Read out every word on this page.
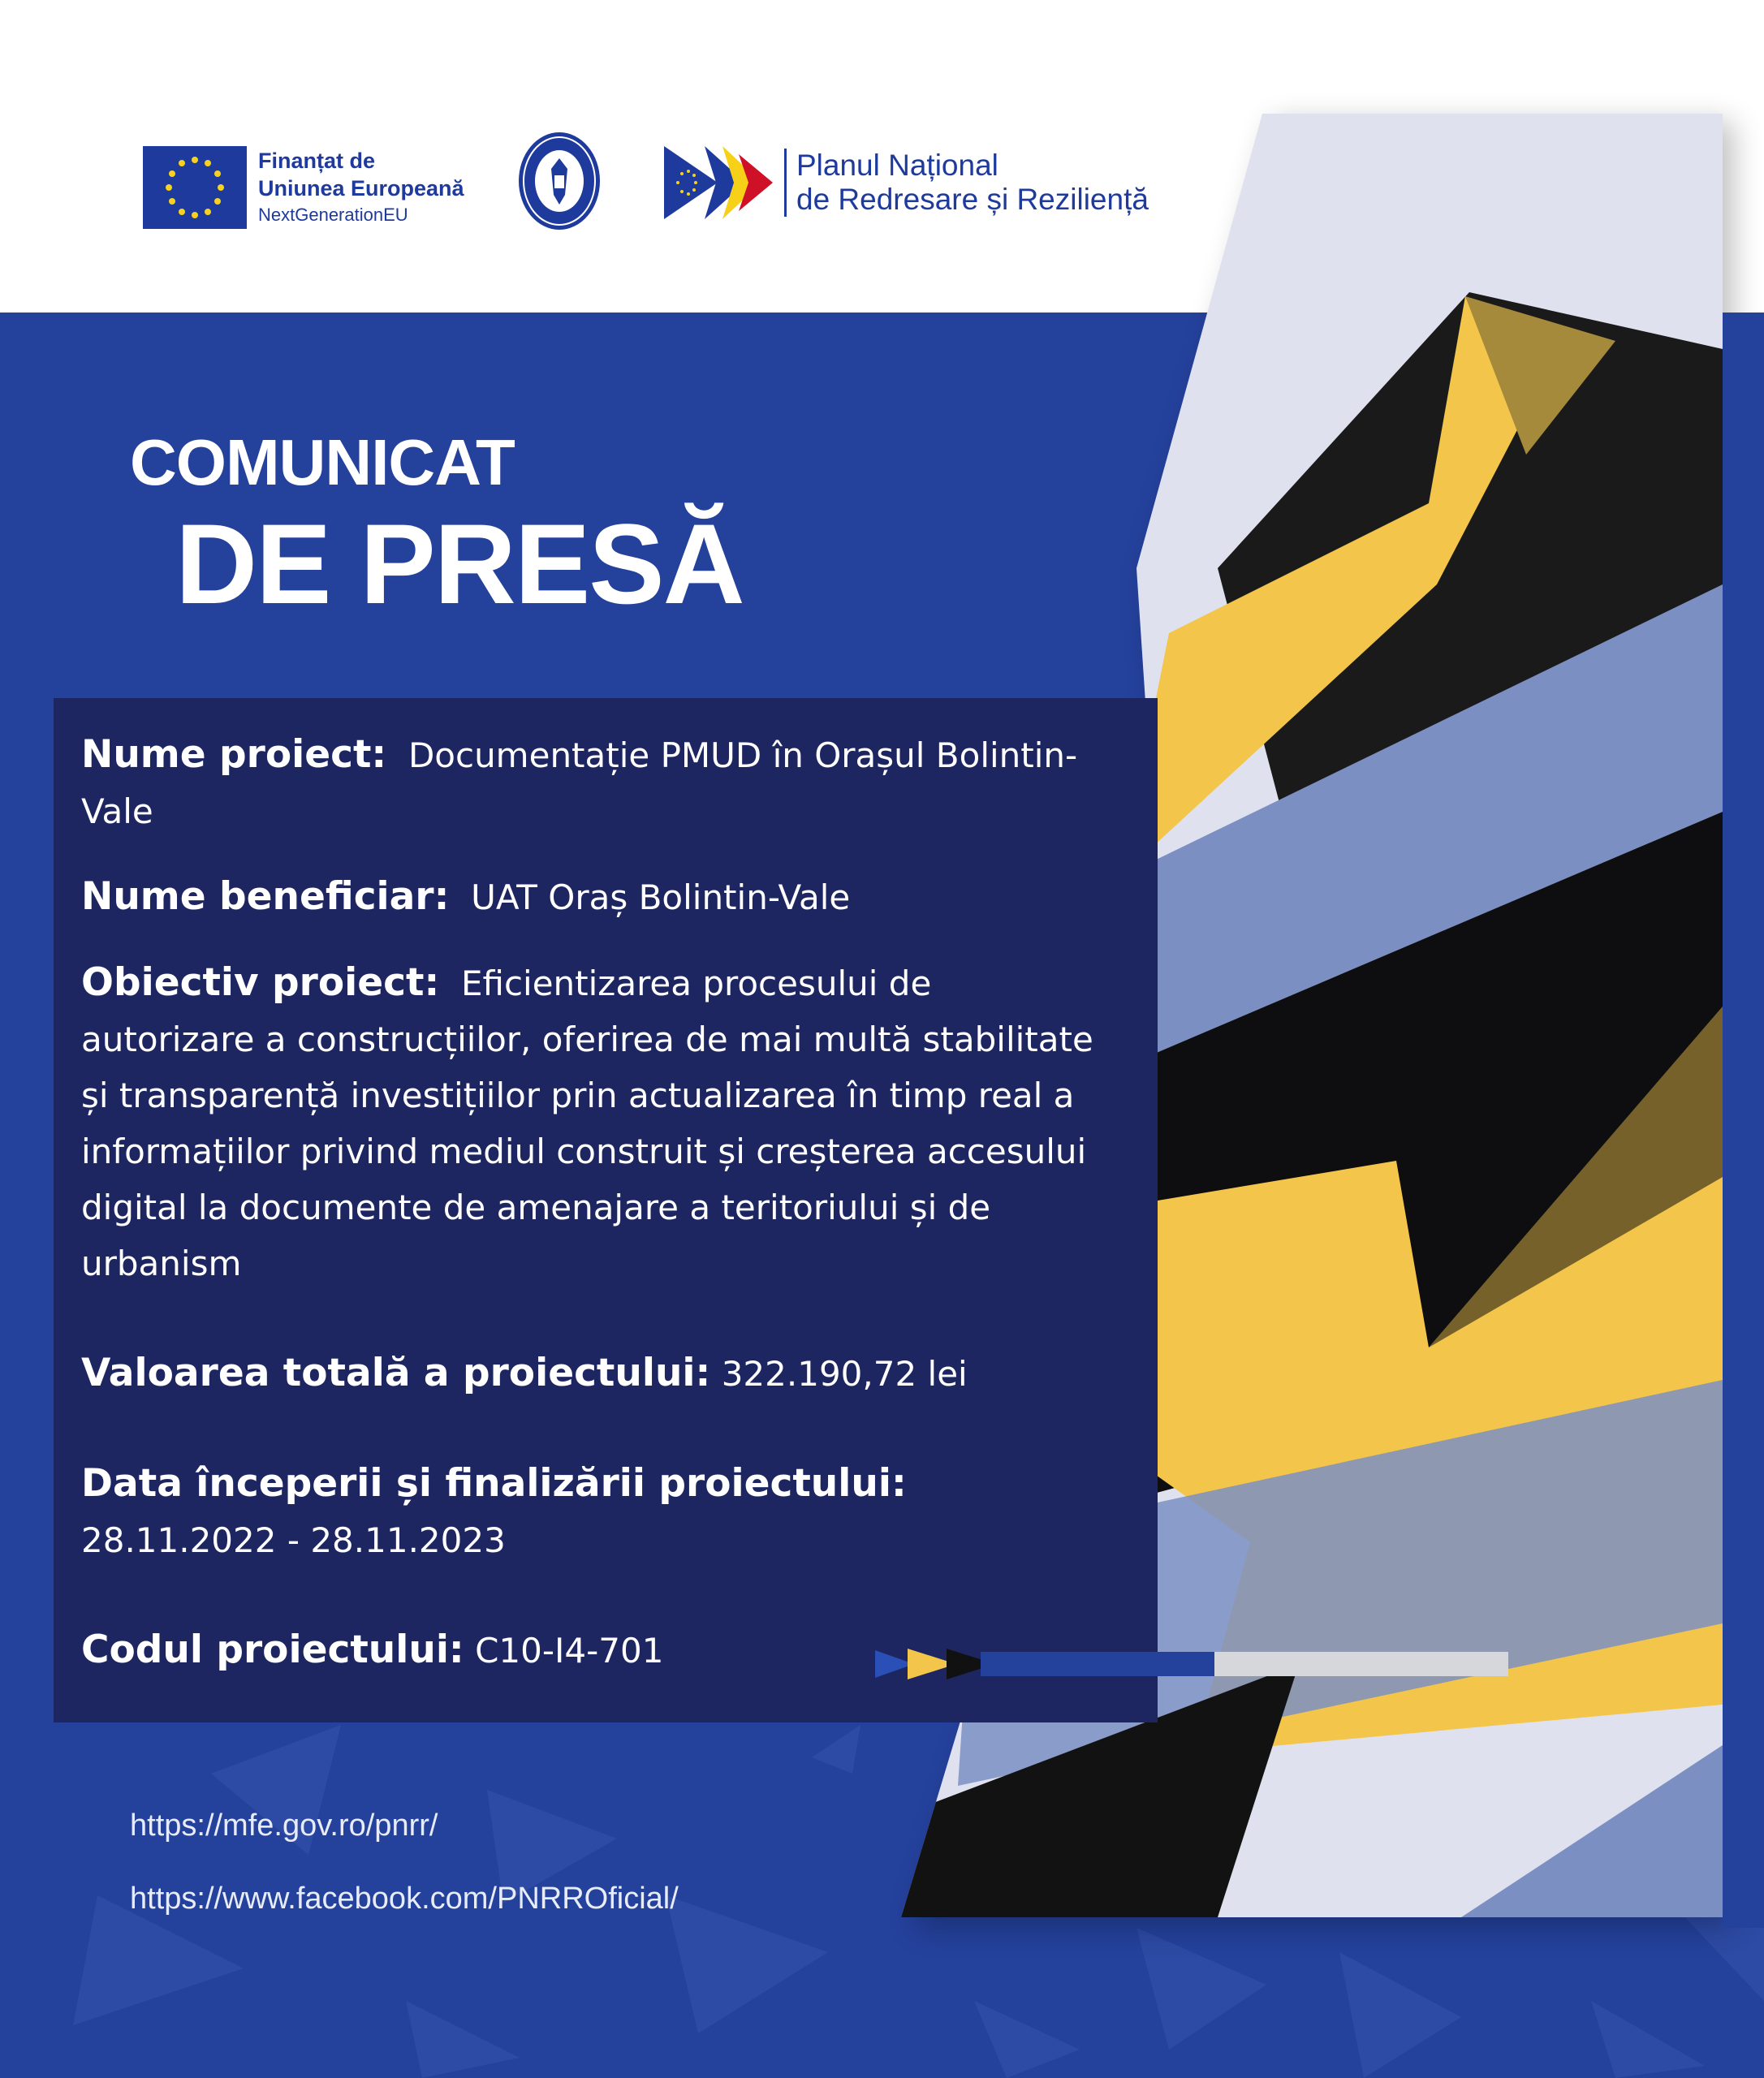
Finanțat de
Uniunea Europeană
NextGenerationEU
Planul Național
de Redresare și Reziliență
COMUNICAT
DE PRESĂ

Nume proiect: Documentație PMUD în Orașul Bolintin-Vale

Nume beneficiar: UAT Oraș Bolintin-Vale

Obiectiv proiect: Eficientizarea procesului de autorizare a construcțiilor, oferirea de mai multă stabilitate și transparență investițiilor prin actualizarea în timp real a informațiilor privind mediul construit și creșterea accesului digital la documente de amenajare a teritoriului și de urbanism

Valoarea totală a proiectului: 322.190,72 lei

Data începerii și finalizării proiectului:
28.11.2022 - 28.11.2023

Codul proiectului: C10-I4-701

https://mfe.gov.ro/pnrr/
https://www.facebook.com/PNRROficial/
